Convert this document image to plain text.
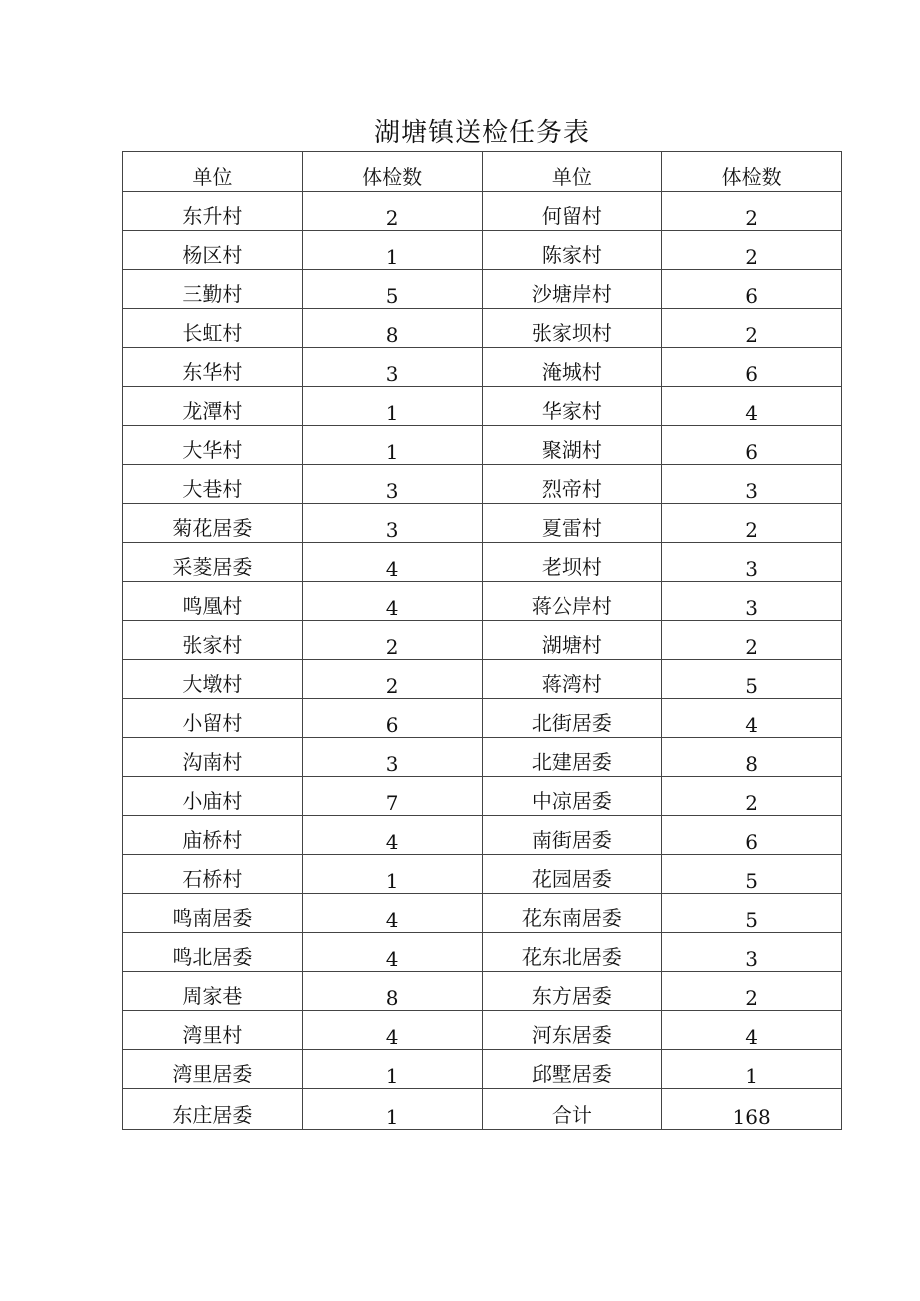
湖塘镇送检任务表
单位	体检数	单位	体检数
东升村	2	何留村	2
杨区村	1	陈家村	2
三勤村	5	沙塘岸村	6
长虹村	8	张家坝村	2
东华村	3	淹城村	6
龙潭村	1	华家村	4
大华村	1	聚湖村	6
大巷村	3	烈帝村	3
菊花居委	3	夏雷村	2
采菱居委	4	老坝村	3
鸣凰村	4	蒋公岸村	3
张家村	2	湖塘村	2
大墩村	2	蒋湾村	5
小留村	6	北街居委	4
沟南村	3	北建居委	8
小庙村	7	中凉居委	2
庙桥村	4	南街居委	6
石桥村	1	花园居委	5
鸣南居委	4	花东南居委	5
鸣北居委	4	花东北居委	3
周家巷	8	东方居委	2
湾里村	4	河东居委	4
湾里居委	1	邱墅居委	1
东庄居委	1	合计	168
